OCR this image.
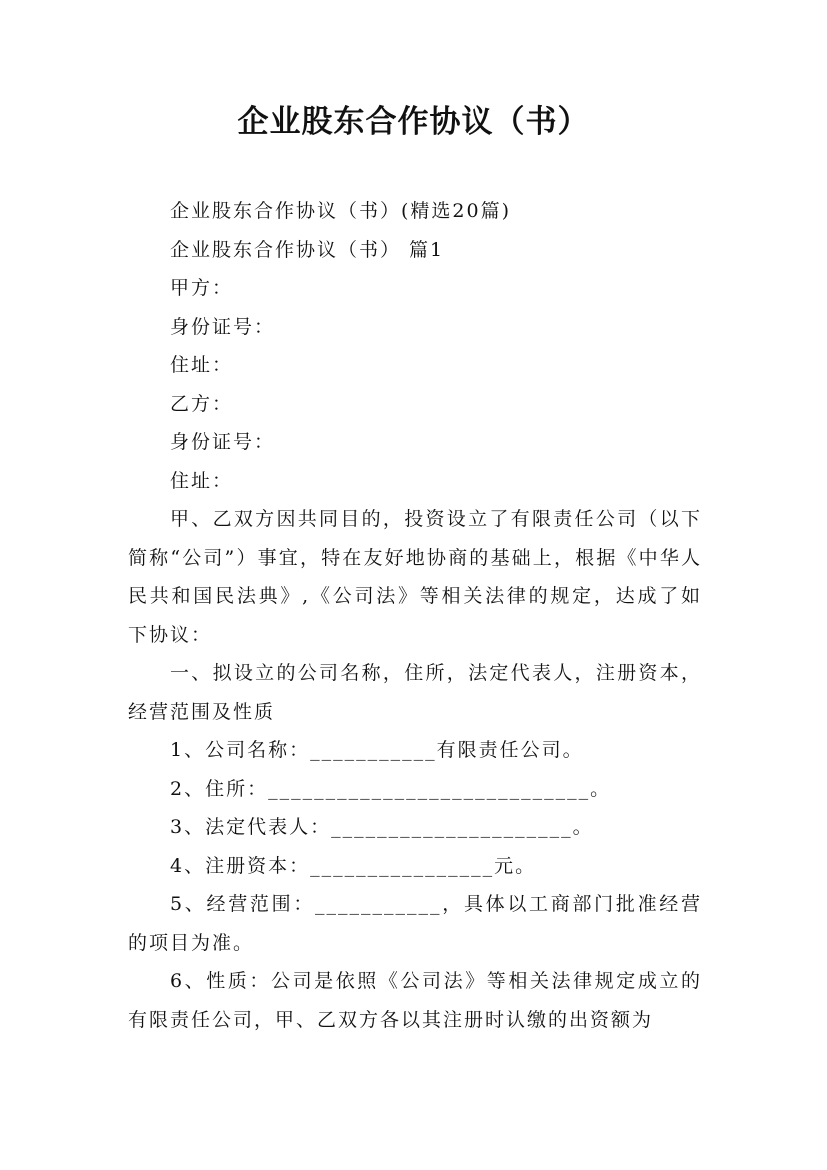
企业股东合作协议（书）

企业股东合作协议（书）(精选20篇)

企业股东合作协议（书） 篇1

甲方：

身份证号：

住址：

乙方：

身份证号：

住址：

甲、乙双方因共同目的，投资设立了有限责任公司（以下简称“公司”）事宜，特在友好地协商的基础上，根据《中华人民共和国民法典》,《公司法》等相关法律的规定，达成了如下协议：

一、拟设立的公司名称，住所，法定代表人，注册资本，经营范围及性质

1、公司名称：___________有限责任公司。

2、住所：____________________________。

3、法定代表人：_____________________。

4、注册资本：________________元。

5、经营范围：___________，具体以工商部门批准经营的项目为准。

6、性质：公司是依照《公司法》等相关法律规定成立的有限责任公司，甲、乙双方各以其注册时认缴的出资额为
